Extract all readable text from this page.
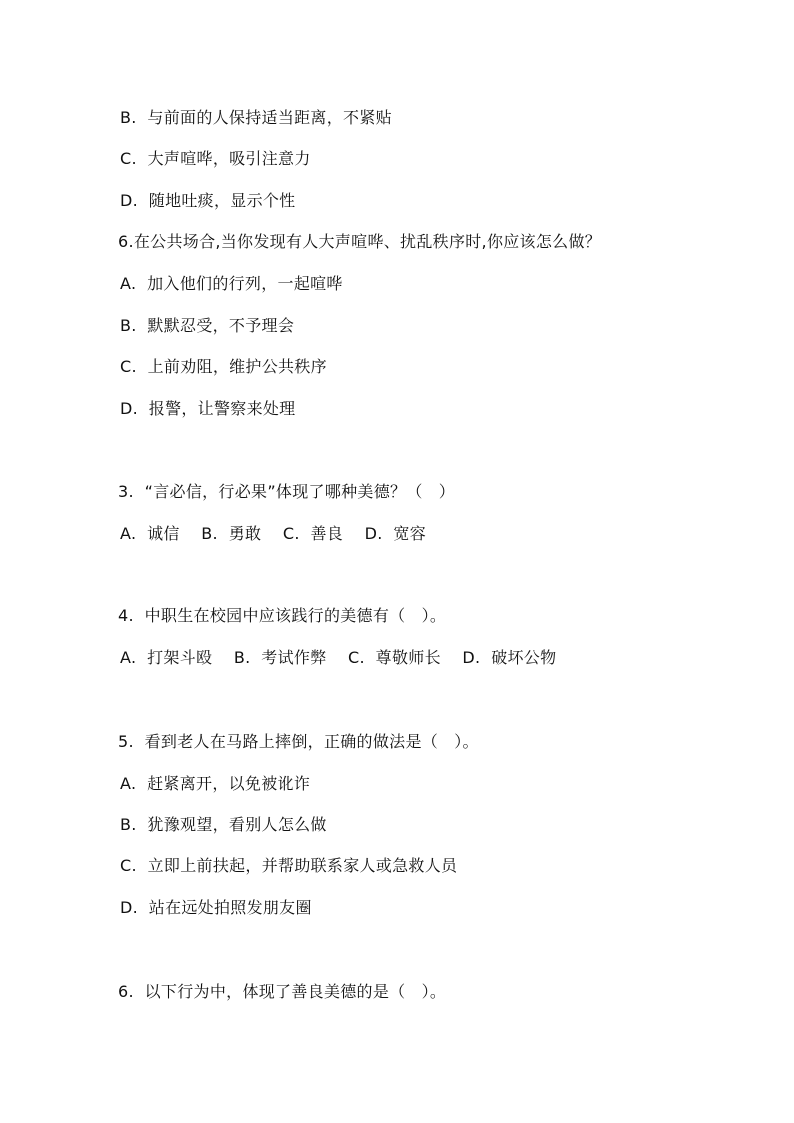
B.  与前面的人保持适当距离，不紧贴
C.  大声喧哗，吸引注意力
D.  随地吐痰，显示个性
6.在公共场合,当你发现有人大声喧哗、扰乱秩序时,你应该怎么做？
A.  加入他们的行列，一起喧哗
B.  默默忍受，不予理会
C.  上前劝阻，维护公共秩序
D.  报警，让警察来处理
3.  “言必信，行必果”体现了哪种美德？（   ）
A.  诚信    B.  勇敢    C.  善良    D.  宽容
4.  中职生在校园中应该践行的美德有（   ）。
A.  打架斗殴    B.  考试作弊    C.  尊敬师长    D.  破坏公物
5.  看到老人在马路上摔倒，正确的做法是（   ）。
A.  赶紧离开，以免被讹诈
B.  犹豫观望，看别人怎么做
C.  立即上前扶起，并帮助联系家人或急救人员
D.  站在远处拍照发朋友圈
6.  以下行为中，体现了善良美德的是（   ）。
